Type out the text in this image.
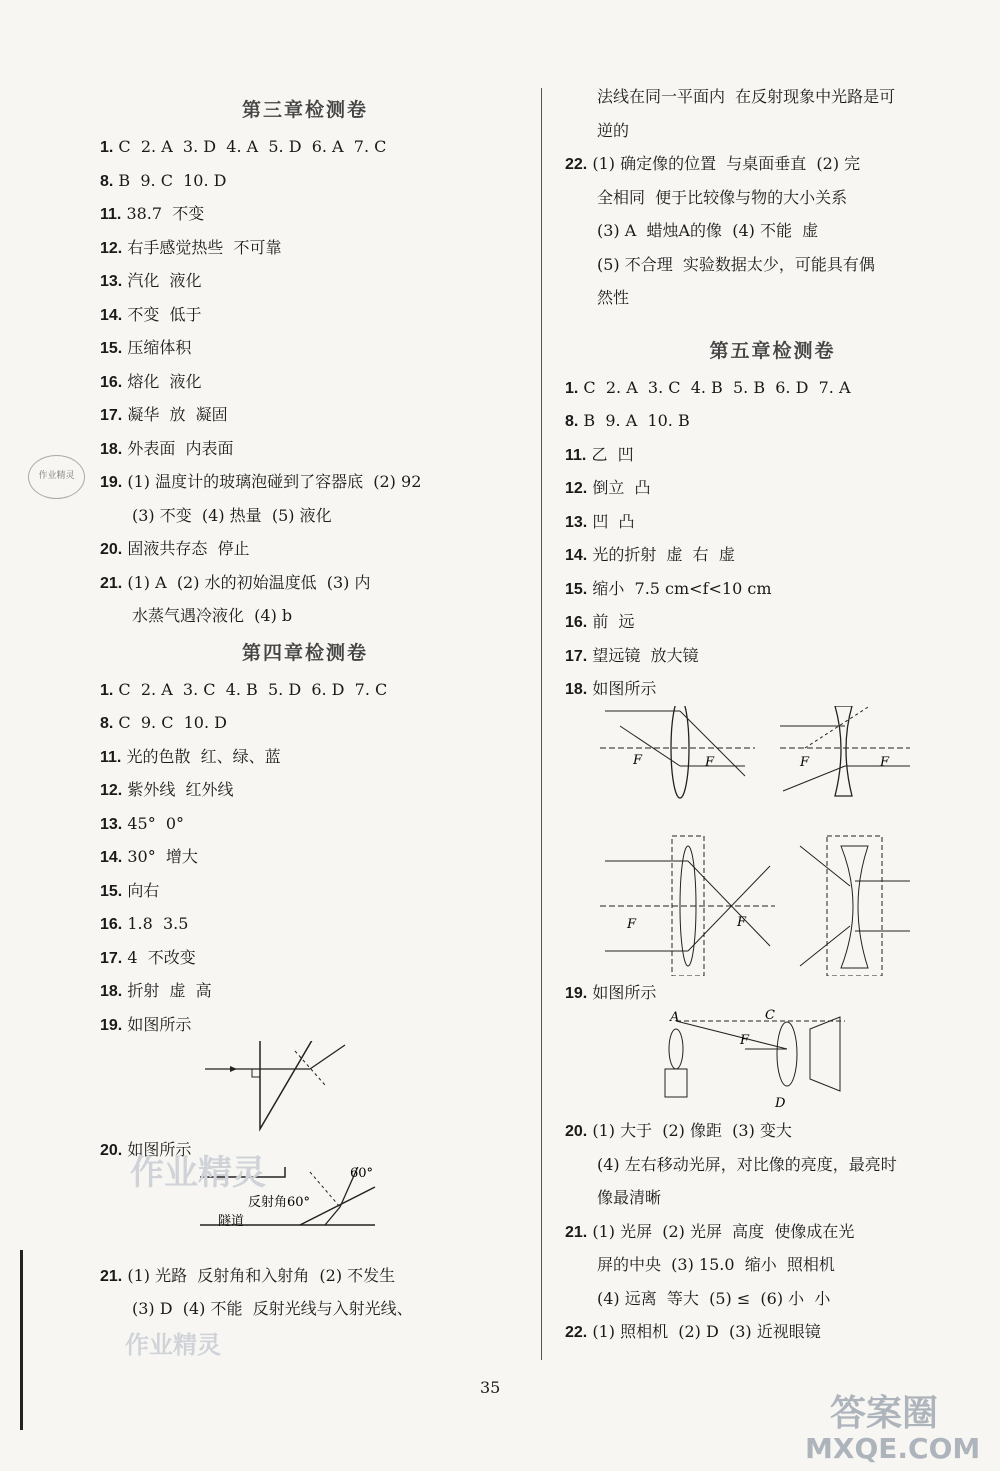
作业精灵
第三章检测卷
1. C  2. A  3. D  4. A  5. D  6. A  7. C
8. B  9. C  10. D
11. 38.7  不变
12. 右手感觉热些  不可靠
13. 汽化  液化
14. 不变  低于
15. 压缩体积
16. 熔化  液化
17. 凝华  放  凝固
18. 外表面  内表面
19. (1) 温度计的玻璃泡碰到了容器底  (2) 92
(3) 不变  (4) 热量  (5) 液化
20. 固液共存态  停止
21. (1) A  (2) 水的初始温度低  (3) 内
水蒸气遇冷液化  (4) b
第四章检测卷
1. C  2. A  3. C  4. B  5. D  6. D  7. C
8. C  9. C  10. D
11. 光的色散  红、绿、蓝
12. 紫外线  红外线
13. 45°  0°
14. 30°  增大
15. 向右
16. 1.8  3.5
17. 4  不改变
18. 折射  虚  高
19. 如图所示
20. 如图所示
60°
反射角60°
隧道
21. (1) 光路  反射角和入射角  (2) 不发生
(3) D  (4) 不能  反射光线与入射光线、
法线在同一平面内  在反射现象中光路是可
逆的
22. (1) 确定像的位置  与桌面垂直  (2) 完
全相同  便于比较像与物的大小关系
(3) A  蜡烛A的像  (4) 不能  虚
(5) 不合理  实验数据太少，可能具有偶
然性
第五章检测卷
1. C  2. A  3. C  4. B  5. B  6. D  7. A
8. B  9. A  10. B
11. 乙  凹
12. 倒立  凸
13. 凹  凸
14. 光的折射  虚  右  虚
15. 缩小  7.5 cm<f<10 cm
16. 前  远
17. 望远镜  放大镜
18. 如图所示
F	F	F	F
F	F
19. 如图所示
A	C
F
D
20. (1) 大于  (2) 像距  (3) 变大
(4) 左右移动光屏，对比像的亮度，最亮时
像最清晰
21. (1) 光屏  (2) 光屏  高度  使像成在光
屏的中央  (3) 15.0  缩小  照相机
(4) 远离  等大  (5) ≤  (6) 小  小
22. (1) 照相机  (2) D  (3) 近视眼镜
35
作业精灵
作业精灵
答案圈
MXQE.COM
